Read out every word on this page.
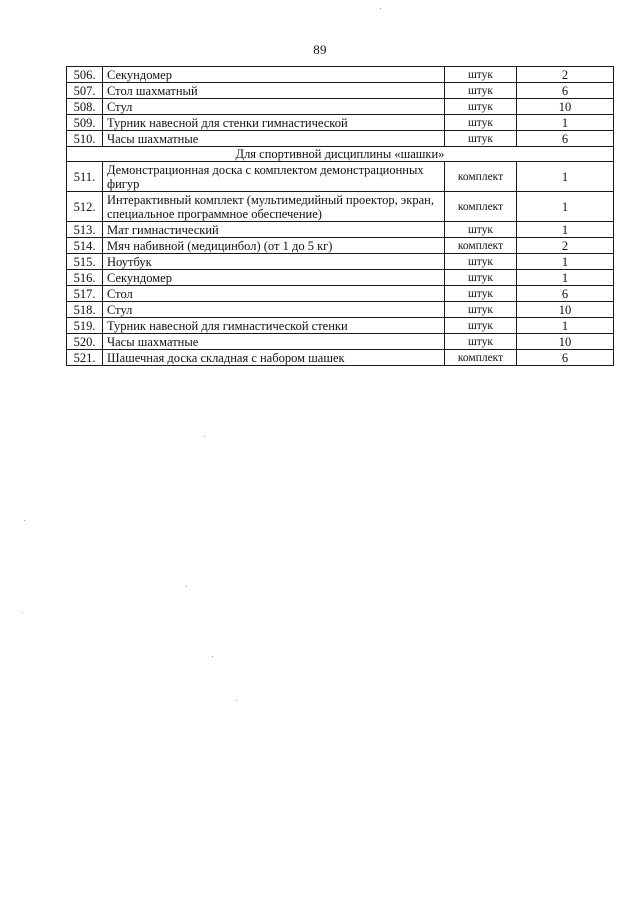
89
506.	Секундомер	штук	2
507.	Стол шахматный	штук	6
508.	Стул	штук	10
509.	Турник навесной для стенки гимнастической	штук	1
510.	Часы шахматные	штук	6
Для спортивной дисциплины «шашки»			
511.	Демонстрационная доска с комплектом демонстрационных фигур	комплект	1
512.	Интерактивный комплект (мультимедийный проектор, экран, специальное программное обеспечение)	комплект	1
513.	Мат гимнастический	штук	1
514.	Мяч набивной (медицинбол) (от 1 до 5 кг)	комплект	2
515.	Ноутбук	штук	1
516.	Секундомер	штук	1
517.	Стол	штук	6
518.	Стул	штук	10
519.	Турник навесной для гимнастической стенки	штук	1
520.	Часы шахматные	штук	10
521.	Шашечная доска складная с набором шашек	комплект	6
